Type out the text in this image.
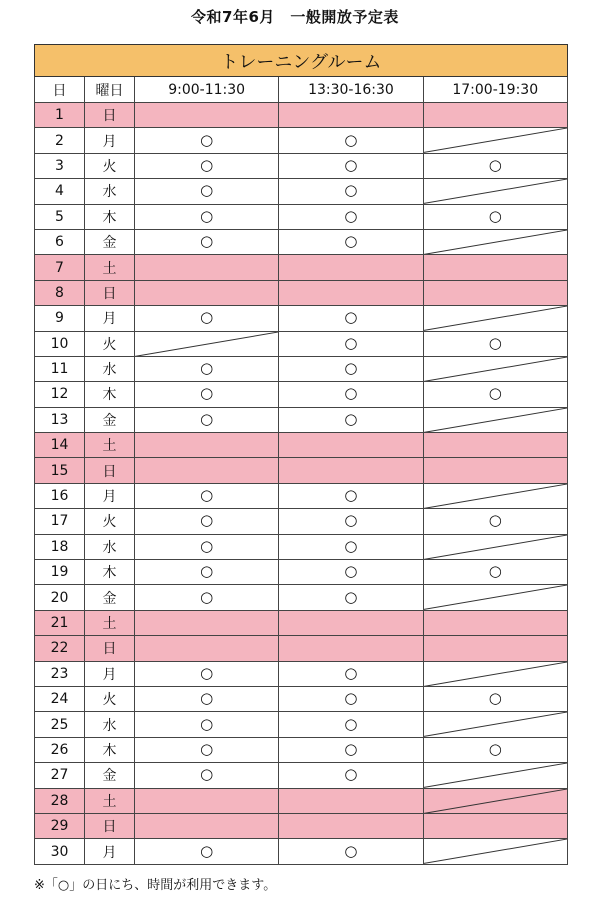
令和7年6月　一般開放予定表
トレーニングルーム				
日	曜日	9:00-11:30	13:30-16:30	17:00-19:30
1	日			
2	月	○	○	

3	火	○	○	○
4	水	○	○	

5	木	○	○	○
6	金	○	○	

7	土			
8	日			
9	月	○	○	

10	火		○	○
11	水	○	○	

12	木	○	○	○
13	金	○	○	

14	土			
15	日			
16	月	○	○	

17	火	○	○	○
18	水	○	○	

19	木	○	○	○
20	金	○	○	

21	土			
22	日			
23	月	○	○	

24	火	○	○	○
25	水	○	○	

26	木	○	○	○
27	金	○	○	

28	土			

29	日			
30	月	○	○	
※「○」の日にち、時間が利用できます。
